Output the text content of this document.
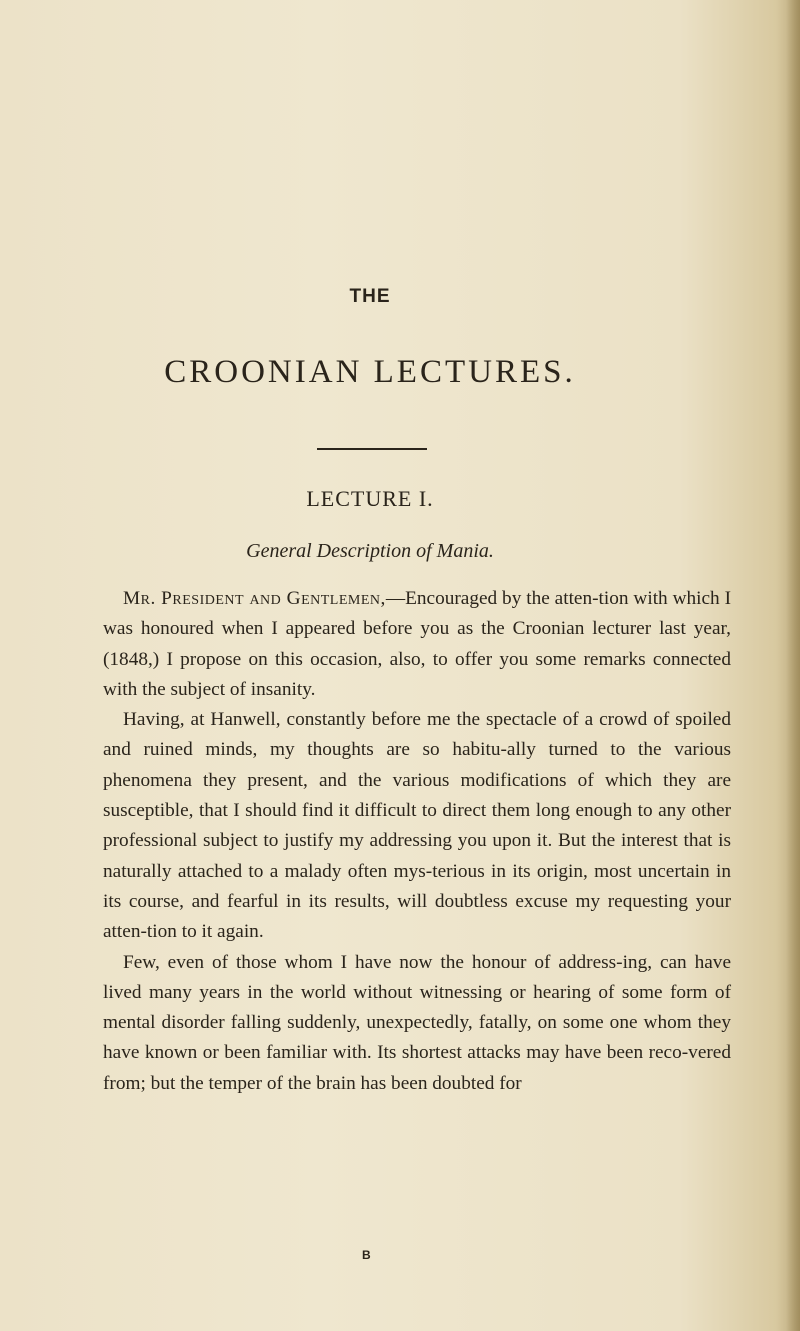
THE
CROONIAN LECTURES.
LECTURE I.
General Description of Mania.

Mr. President and Gentlemen,—Encouraged by the atten-tion with which I was honoured when I appeared before you as the Croonian lecturer last year, (1848,) I propose on this occasion, also, to offer you some remarks connected with the subject of insanity.

Having, at Hanwell, constantly before me the spectacle of a crowd of spoiled and ruined minds, my thoughts are so habitu-ally turned to the various phenomena they present, and the various modifications of which they are susceptible, that I should find it difficult to direct them long enough to any other professional subject to justify my addressing you upon it. But the interest that is naturally attached to a malady often mys-terious in its origin, most uncertain in its course, and fearful in its results, will doubtless excuse my requesting your atten-tion to it again.

Few, even of those whom I have now the honour of address-ing, can have lived many years in the world without witnessing or hearing of some form of mental disorder falling suddenly, unexpectedly, fatally, on some one whom they have known or been familiar with. Its shortest attacks may have been reco-vered from; but the temper of the brain has been doubted for

B
